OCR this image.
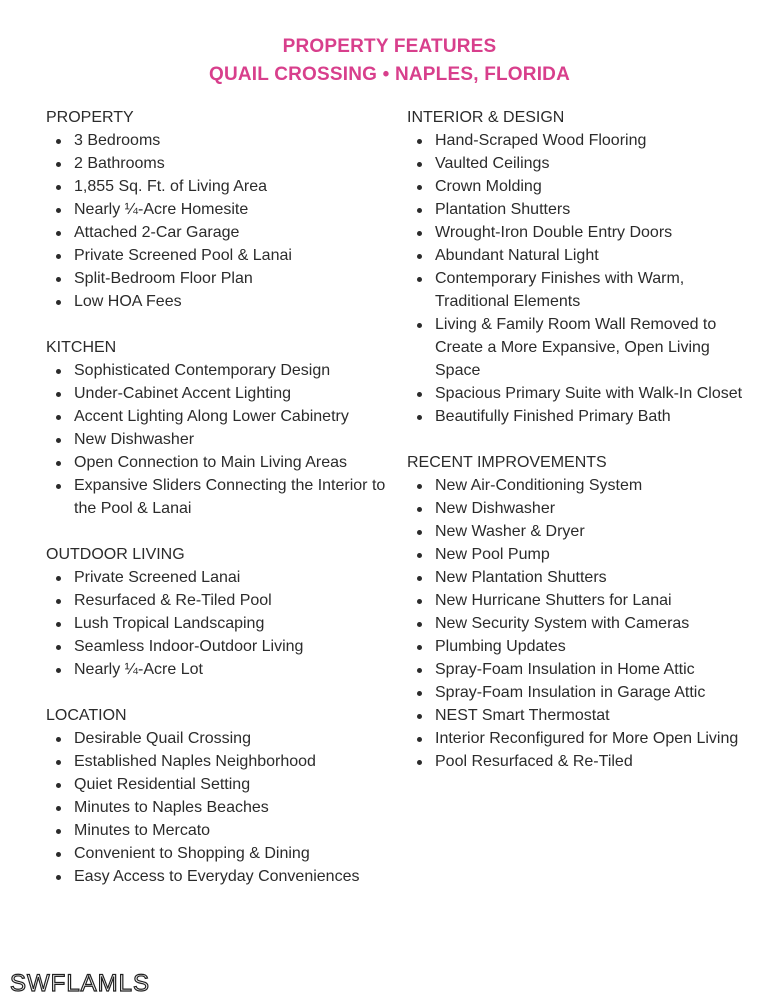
PROPERTY FEATURES
QUAIL CROSSING • NAPLES, FLORIDA
PROPERTY
3 Bedrooms
2 Bathrooms
1,855 Sq. Ft. of Living Area
Nearly ¼-Acre Homesite
Attached 2-Car Garage
Private Screened Pool & Lanai
Split-Bedroom Floor Plan
Low HOA Fees
KITCHEN
Sophisticated Contemporary Design
Under-Cabinet Accent Lighting
Accent Lighting Along Lower Cabinetry
New Dishwasher
Open Connection to Main Living Areas
Expansive Sliders Connecting the Interior to the Pool & Lanai
OUTDOOR LIVING
Private Screened Lanai
Resurfaced & Re-Tiled Pool
Lush Tropical Landscaping
Seamless Indoor-Outdoor Living
Nearly ¼-Acre Lot
LOCATION
Desirable Quail Crossing
Established Naples Neighborhood
Quiet Residential Setting
Minutes to Naples Beaches
Minutes to Mercato
Convenient to Shopping & Dining
Easy Access to Everyday Conveniences
INTERIOR & DESIGN
Hand-Scraped Wood Flooring
Vaulted Ceilings
Crown Molding
Plantation Shutters
Wrought-Iron Double Entry Doors
Abundant Natural Light
Contemporary Finishes with Warm, Traditional Elements
Living & Family Room Wall Removed to Create a More Expansive, Open Living Space
Spacious Primary Suite with Walk-In Closet
Beautifully Finished Primary Bath
RECENT IMPROVEMENTS
New Air-Conditioning System
New Dishwasher
New Washer & Dryer
New Pool Pump
New Plantation Shutters
New Hurricane Shutters for Lanai
New Security System with Cameras
Plumbing Updates
Spray-Foam Insulation in Home Attic
Spray-Foam Insulation in Garage Attic
NEST Smart Thermostat
Interior Reconfigured for More Open Living
Pool Resurfaced & Re-Tiled
SWFLAMLS
